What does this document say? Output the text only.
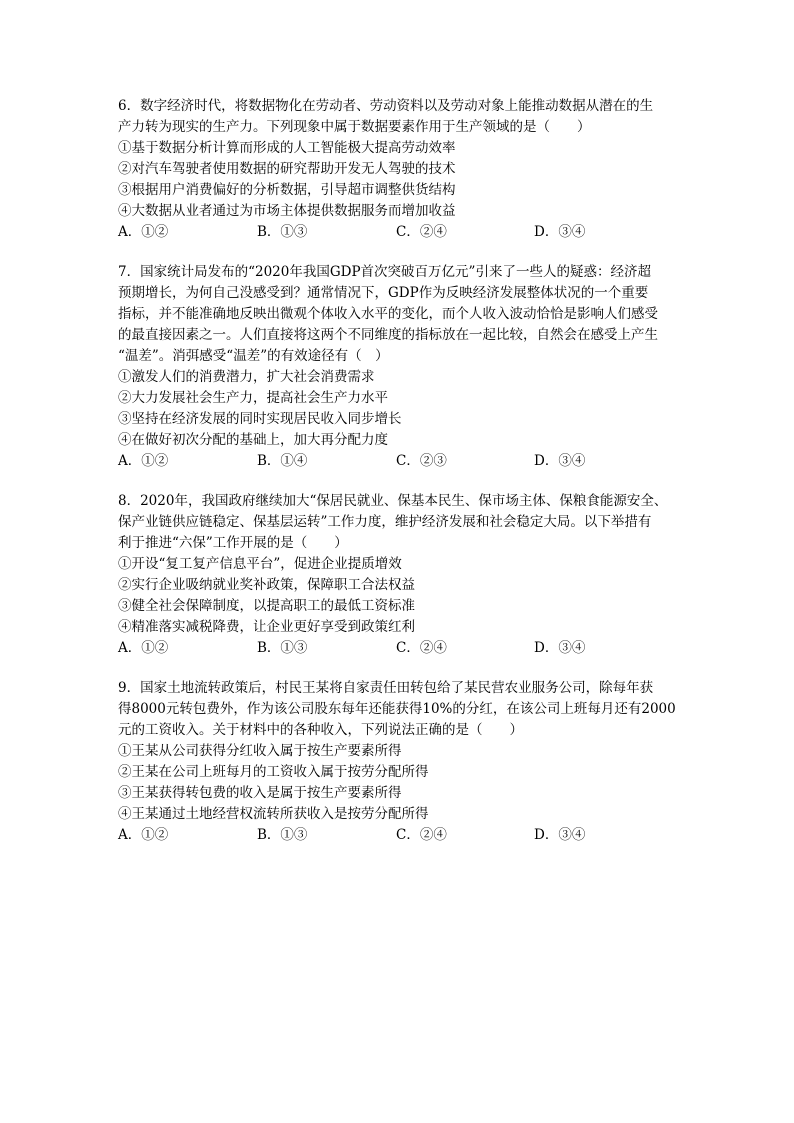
6．数字经济时代，将数据物化在劳动者、劳动资料以及劳动对象上能推动数据从潜在的生
产力转为现实的生产力。下列现象中属于数据要素作用于生产领域的是（　　）
①基于数据分析计算而形成的人工智能极大提高劳动效率
②对汽车驾驶者使用数据的研究帮助开发无人驾驶的技术
③根据用户消费偏好的分析数据，引导超市调整供货结构
④大数据从业者通过为市场主体提供数据服务而增加收益
A．①②	B．①③	C．②④	D．③④
7．国家统计局发布的“2020年我国GDP首次突破百万亿元”引来了一些人的疑惑：经济超
预期增长，为何自己没感受到？通常情况下，GDP作为反映经济发展整体状况的一个重要
指标，并不能准确地反映出微观个体收入水平的变化，而个人收入波动恰恰是影响人们感受
的最直接因素之一。人们直接将这两个不同维度的指标放在一起比较，自然会在感受上产生
“温差”。消弭感受“温差”的有效途径有（　）
①激发人们的消费潜力，扩大社会消费需求
②大力发展社会生产力，提高社会生产力水平
③坚持在经济发展的同时实现居民收入同步增长
④在做好初次分配的基础上，加大再分配力度
A．①②	B．①④	C．②③	D．③④
8．2020年，我国政府继续加大“保居民就业、保基本民生、保市场主体、保粮食能源安全、
保产业链供应链稳定、保基层运转”工作力度，维护经济发展和社会稳定大局。以下举措有
利于推进“六保”工作开展的是（　　）
①开设“复工复产信息平台”，促进企业提质增效
②实行企业吸纳就业奖补政策，保障职工合法权益
③健全社会保障制度，以提高职工的最低工资标准
④精准落实减税降费，让企业更好享受到政策红利
A．①②	B．①③	C．②④	D．③④
9．国家土地流转政策后，村民王某将自家责任田转包给了某民营农业服务公司，除每年获
得8000元转包费外，作为该公司股东每年还能获得10%的分红，在该公司上班每月还有2000
元的工资收入。关于材料中的各种收入，下列说法正确的是（　　）
①王某从公司获得分红收入属于按生产要素所得
②王某在公司上班每月的工资收入属于按劳分配所得
③王某获得转包费的收入是属于按生产要素所得
④王某通过土地经营权流转所获收入是按劳分配所得
A．①②	B．①③	C．②④	D．③④
